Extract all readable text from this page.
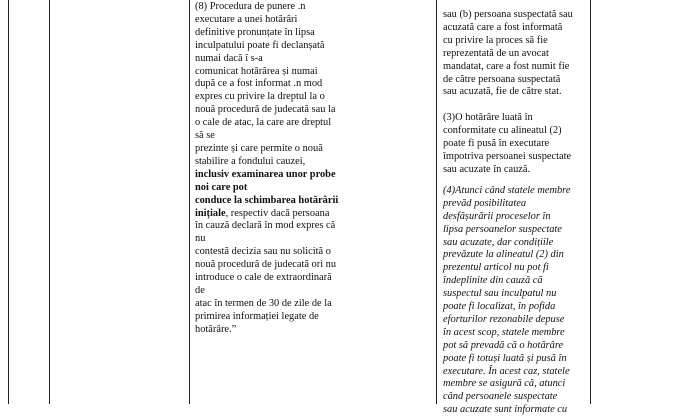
(8) Procedura de punere .n
executare a unei hotărâri
definitive pronunțate în lipsa
inculpatului poate fi declanșată
numai dacă î s-a
comunicat hotărârea și numai
după ce a fost informat .n mod
expres cu privire la dreptul la o
nouă procedură de judecată sau la
o cale de atac, la care are dreptul
să se
prezinte și care permite o nouă
stabilire a fondului cauzei,
inclusiv examinarea unor probe
noi care pot
conduce la schimbarea hotărârii
inițiale, respectiv dacă persoana
în cauză declară în mod expres că
nu
contestă decizia sau nu solicită o
nouă procedură de judecată ori nu
introduce o cale de extraordinară
de
atac în termen de 30 de zile de la
primirea informației legate de
hotărâre.”
sau (b) persoana suspectată sau
acuzată care a fost informată
cu privire la proces să fie
reprezentată de un avocat
mandatat, care a fost numit fie
de către persoana suspectată
sau acuzată, fie de către stat.
(3)O hotărâre luată în
conformitate cu alineatul (2)
poate fi pusă în executare
împotriva persoanei suspectate
sau acuzate în cauză.
(4)Atunci când statele membre
prevăd posibilitatea
desfășurării proceselor în
lipsa persoanelor suspectate
sau acuzate, dar condițiile
prevăzute la alineatul (2) din
prezentul articol nu pot fi
îndeplinite din cauză că
suspectul sau inculpatul nu
poate fi localizat, în pofida
eforturilor rezonabile depuse
în acest scop, statele membre
pot să prevadă că o hotărâre
poate fi totuși luată și pusă în
executare. În acest caz, statele
membre se asigură că, atunci
când persoanele suspectate
sau acuzate sunt informate cu
